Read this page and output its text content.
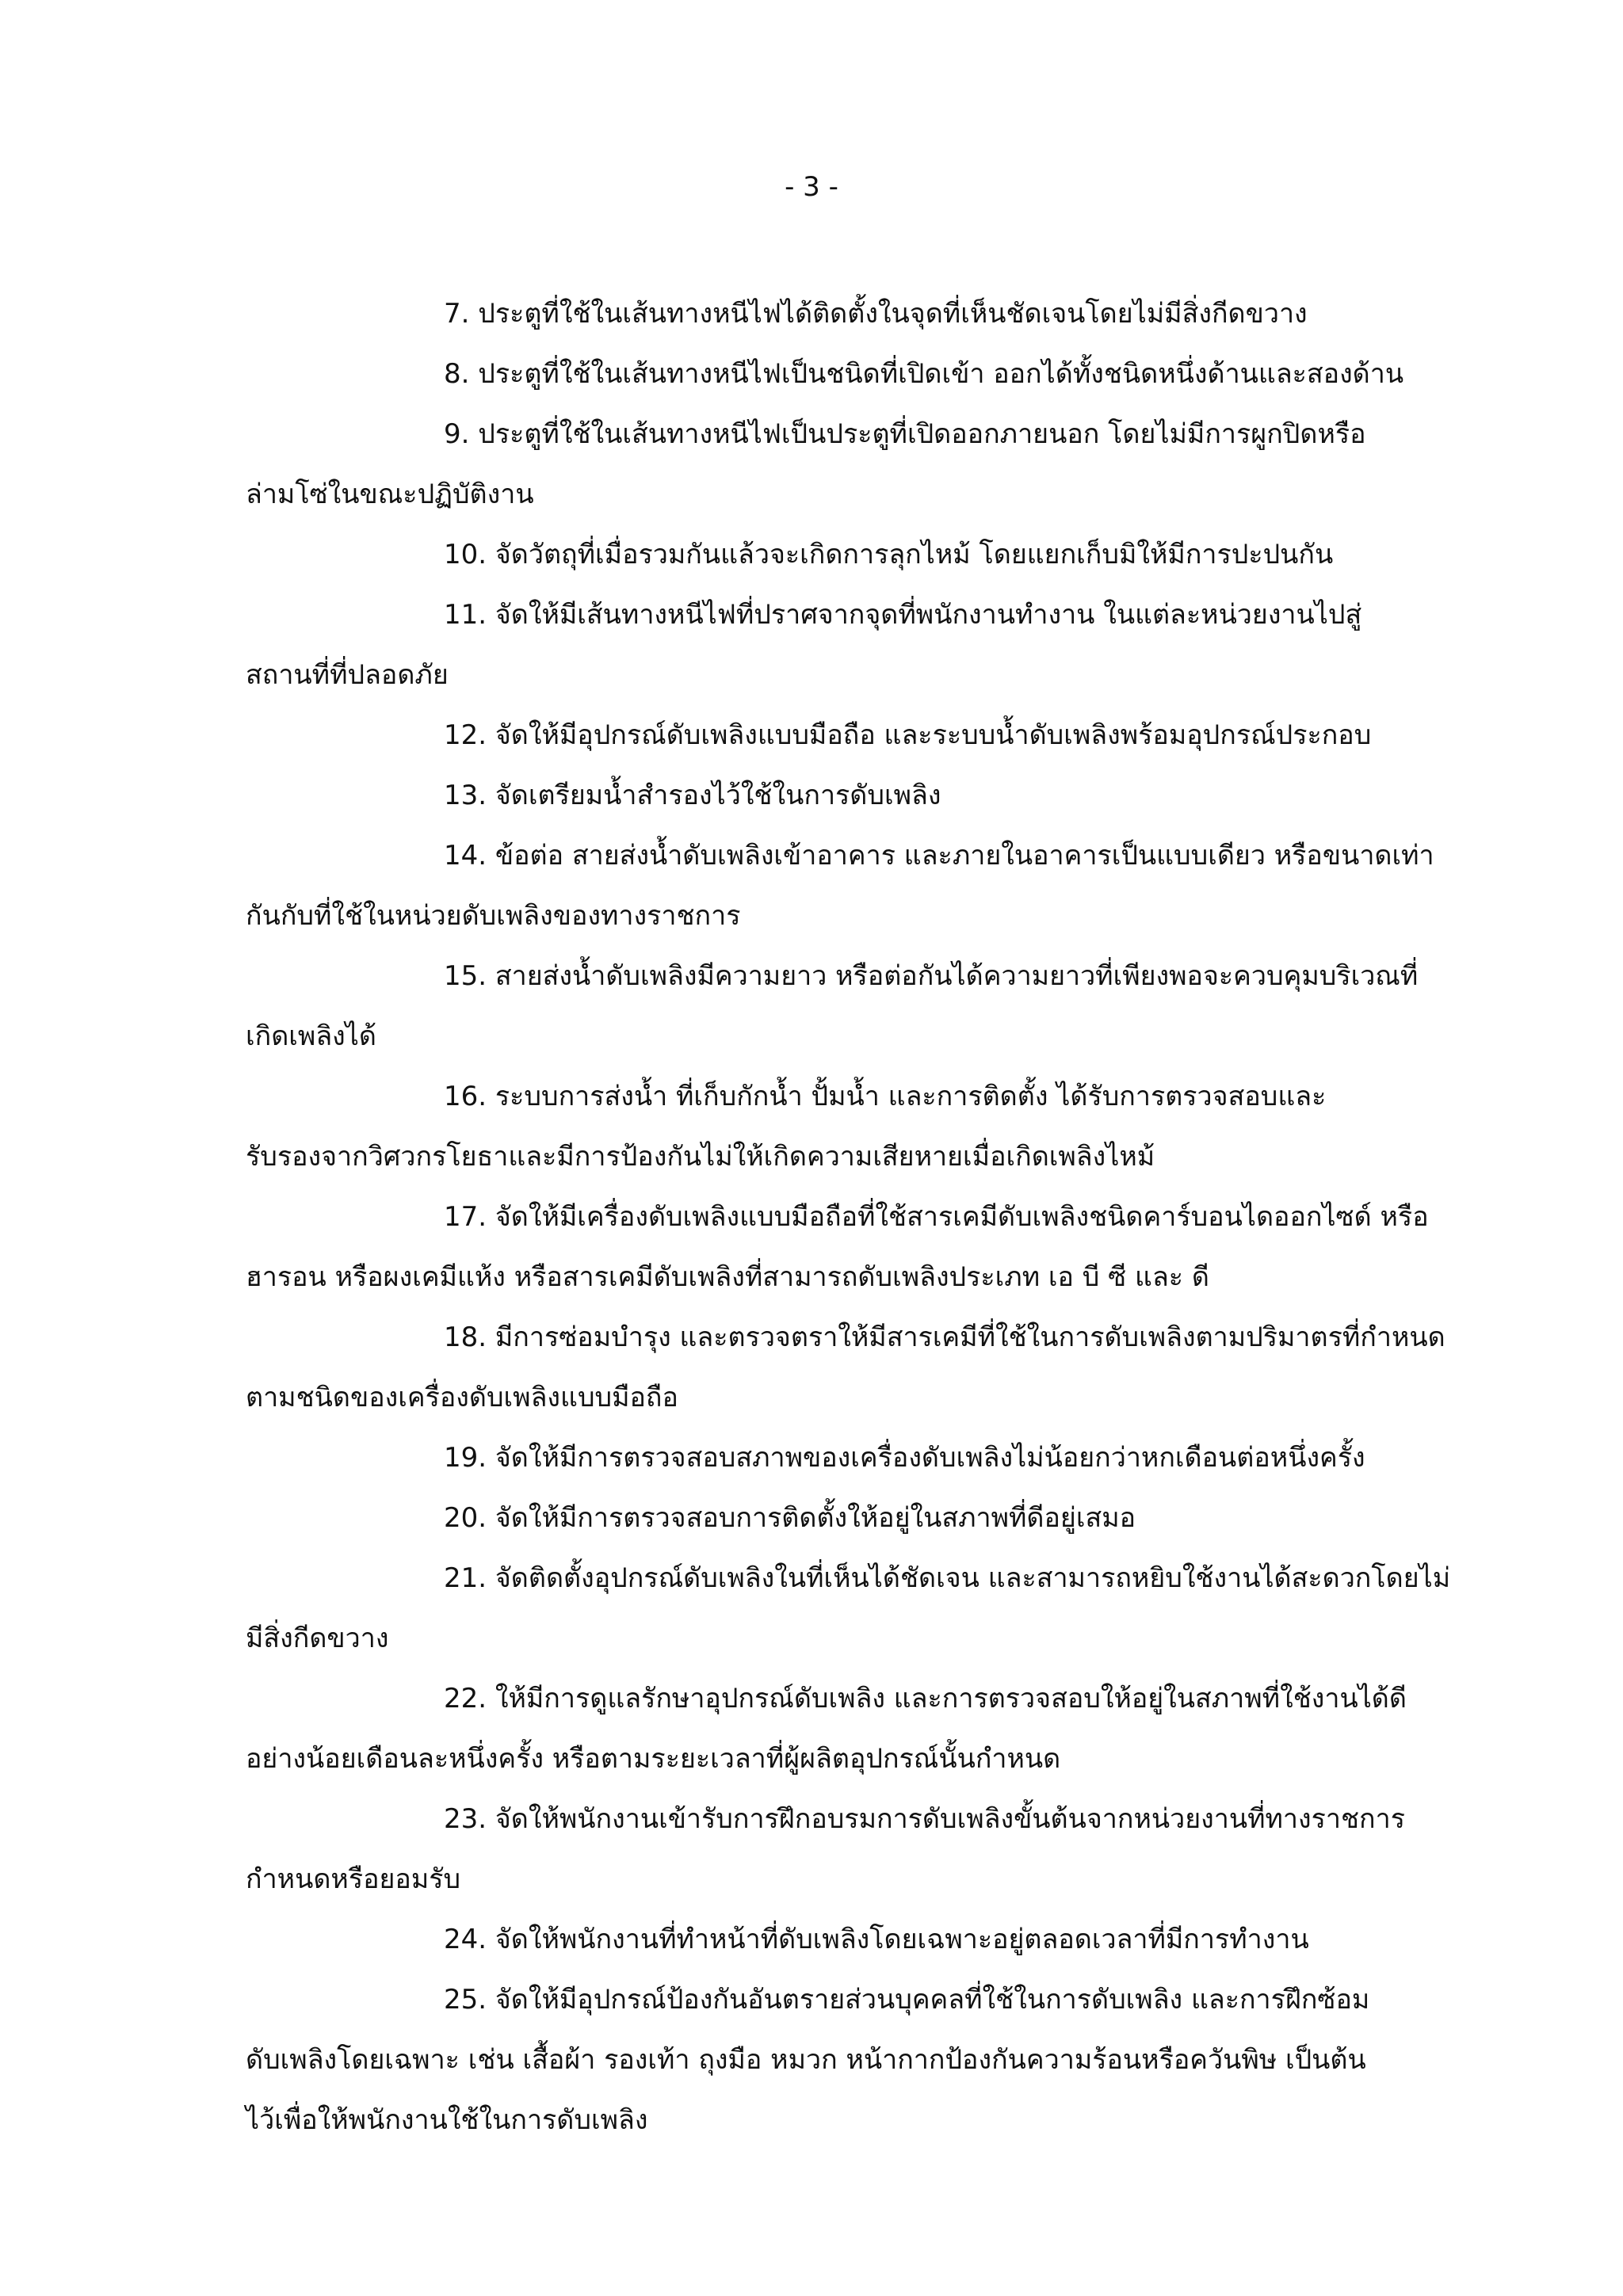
- 3 -

7. ประตูที่ใช้ในเส้นทางหนีไฟได้ติดตั้งในจุดที่เห็นชัดเจนโดยไม่มีสิ่งกีดขวาง

8. ประตูที่ใช้ในเส้นทางหนีไฟเป็นชนิดที่เปิดเข้า ออกได้ทั้งชนิดหนึ่งด้านและสองด้าน

9. ประตูที่ใช้ในเส้นทางหนีไฟเป็นประตูที่เปิดออกภายนอก โดยไม่มีการผูกปิดหรือ
ล่ามโซ่ในขณะปฏิบัติงาน

10. จัดวัตถุที่เมื่อรวมกันแล้วจะเกิดการลุกไหม้ โดยแยกเก็บมิให้มีการปะปนกัน

11. จัดให้มีเส้นทางหนีไฟที่ปราศจากจุดที่พนักงานทำงาน ในแต่ละหน่วยงานไปสู่
สถานที่ที่ปลอดภัย

12. จัดให้มีอุปกรณ์ดับเพลิงแบบมือถือ และระบบน้ำดับเพลิงพร้อมอุปกรณ์ประกอบ

13. จัดเตรียมน้ำสำรองไว้ใช้ในการดับเพลิง

14. ข้อต่อ สายส่งน้ำดับเพลิงเข้าอาคาร และภายในอาคารเป็นแบบเดียว หรือขนาดเท่า
กันกับที่ใช้ในหน่วยดับเพลิงของทางราชการ

15. สายส่งน้ำดับเพลิงมีความยาว หรือต่อกันได้ความยาวที่เพียงพอจะควบคุมบริเวณที่
เกิดเพลิงได้

16. ระบบการส่งน้ำ ที่เก็บกักน้ำ ปั้มน้ำ และการติดตั้ง ได้รับการตรวจสอบและ
รับรองจากวิศวกรโยธาและมีการป้องกันไม่ให้เกิดความเสียหายเมื่อเกิดเพลิงไหม้

17. จัดให้มีเครื่องดับเพลิงแบบมือถือที่ใช้สารเคมีดับเพลิงชนิดคาร์บอนไดออกไซด์ หรือ
ฮารอน หรือผงเคมีแห้ง หรือสารเคมีดับเพลิงที่สามารถดับเพลิงประเภท เอ บี ซี และ ดี

18. มีการซ่อมบำรุง และตรวจตราให้มีสารเคมีที่ใช้ในการดับเพลิงตามปริมาตรที่กำหนด
ตามชนิดของเครื่องดับเพลิงแบบมือถือ

19. จัดให้มีการตรวจสอบสภาพของเครื่องดับเพลิงไม่น้อยกว่าหกเดือนต่อหนึ่งครั้ง

20. จัดให้มีการตรวจสอบการติดตั้งให้อยู่ในสภาพที่ดีอยู่เสมอ

21. จัดติดตั้งอุปกรณ์ดับเพลิงในที่เห็นได้ชัดเจน และสามารถหยิบใช้งานได้สะดวกโดยไม่
มีสิ่งกีดขวาง

22. ให้มีการดูแลรักษาอุปกรณ์ดับเพลิง และการตรวจสอบให้อยู่ในสภาพที่ใช้งานได้ดี
อย่างน้อยเดือนละหนึ่งครั้ง หรือตามระยะเวลาที่ผู้ผลิตอุปกรณ์นั้นกำหนด

23. จัดให้พนักงานเข้ารับการฝึกอบรมการดับเพลิงขั้นต้นจากหน่วยงานที่ทางราชการ
กำหนดหรือยอมรับ

24. จัดให้พนักงานที่ทำหน้าที่ดับเพลิงโดยเฉพาะอยู่ตลอดเวลาที่มีการทำงาน

25. จัดให้มีอุปกรณ์ป้องกันอันตรายส่วนบุคคลที่ใช้ในการดับเพลิง และการฝึกซ้อม
ดับเพลิงโดยเฉพาะ เช่น เสื้อผ้า รองเท้า ถุงมือ หมวก หน้ากากป้องกันความร้อนหรือควันพิษ เป็นต้น
ไว้เพื่อให้พนักงานใช้ในการดับเพลิง
